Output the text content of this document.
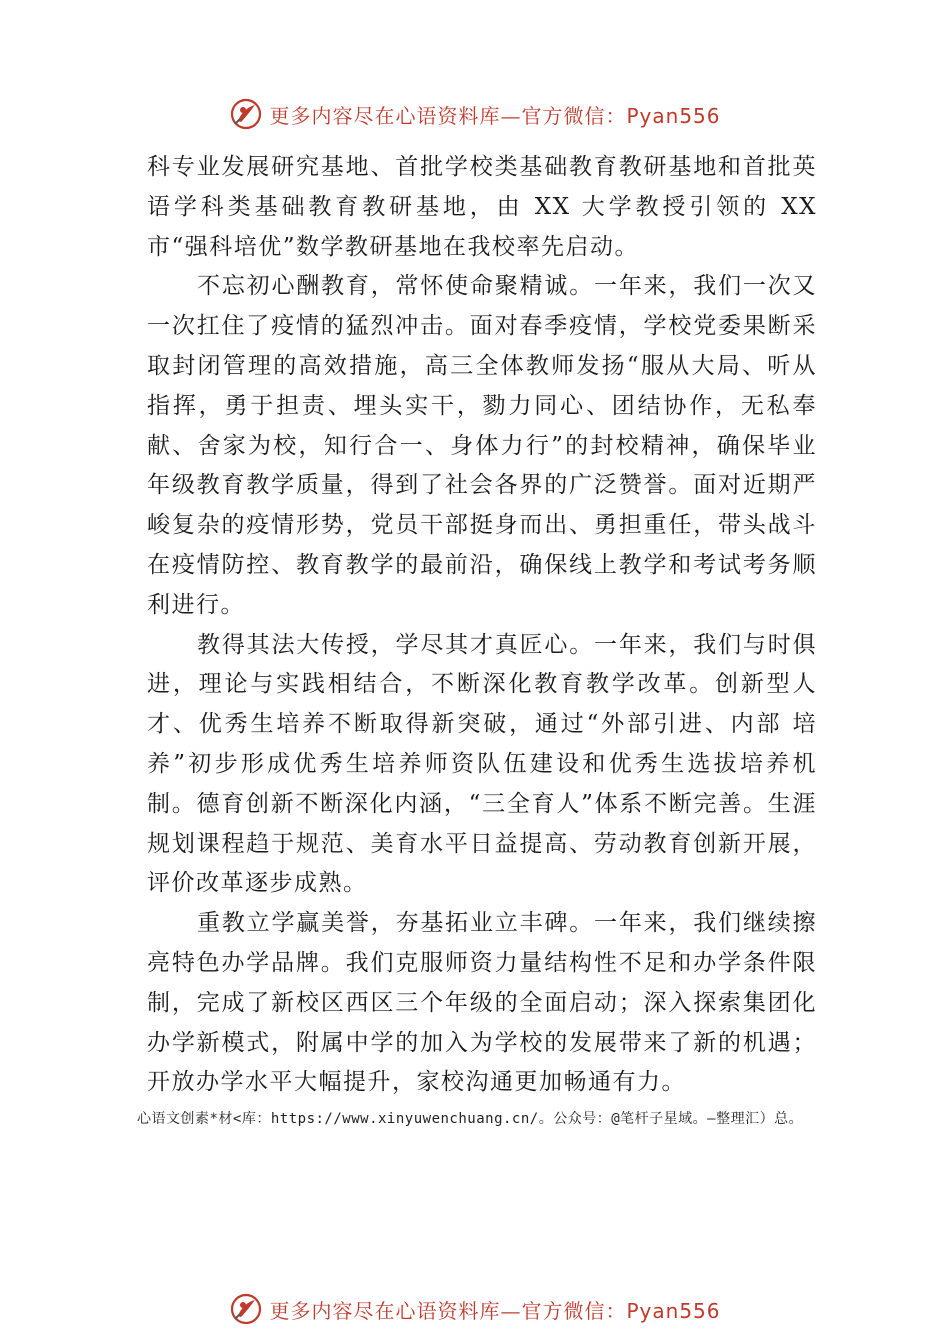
更多内容尽在心语资料库—官方微信：Pyan556

科专业发展研究基地、首批学校类基础教育教研基地和首批英语学科类基础教育教研基地，由 XX 大学教授引领的 XX 市“强科培优”数学教研基地在我校率先启动。

不忘初心酬教育，常怀使命聚精诚。一年来，我们一次又一次扛住了疫情的猛烈冲击。面对春季疫情，学校党委果断采取封闭管理的高效措施，高三全体教师发扬“服从大局、听从指挥，勇于担责、埋头实干，勠力同心、团结协作，无私奉献、舍家为校，知行合一、身体力行”的封校精神，确保毕业年级教育教学质量，得到了社会各界的广泛赞誉。面对近期严峻复杂的疫情形势，党员干部挺身而出、勇担重任，带头战斗在疫情防控、教育教学的最前沿，确保线上教学和考试考务顺利进行。

教得其法大传授，学尽其才真匠心。一年来，我们与时俱进，理论与实践相结合，不断深化教育教学改革。创新型人才、优秀生培养不断取得新突破，通过“外部引进、内部 培养”初步形成优秀生培养师资队伍建设和优秀生选拔培养机制。德育创新不断深化内涵，“三全育人”体系不断完善。生涯规划课程趋于规范、美育水平日益提高、劳动教育创新开展，评价改革逐步成熟。

重教立学赢美誉，夯基拓业立丰碑。一年来，我们继续擦亮特色办学品牌。我们克服师资力量结构性不足和办学条件限制，完成了新校区西区三个年级的全面启动；深入探索集团化办学新模式，附属中学的加入为学校的发展带来了新的机遇；开放办学水平大幅提升，家校沟通更加畅通有力。

心语文创素*材<库：https://www.xinyuwenchuang.cn/。公众号：@笔杆子星域。—整理汇）总。
更多内容尽在心语资料库—官方微信：Pyan556
